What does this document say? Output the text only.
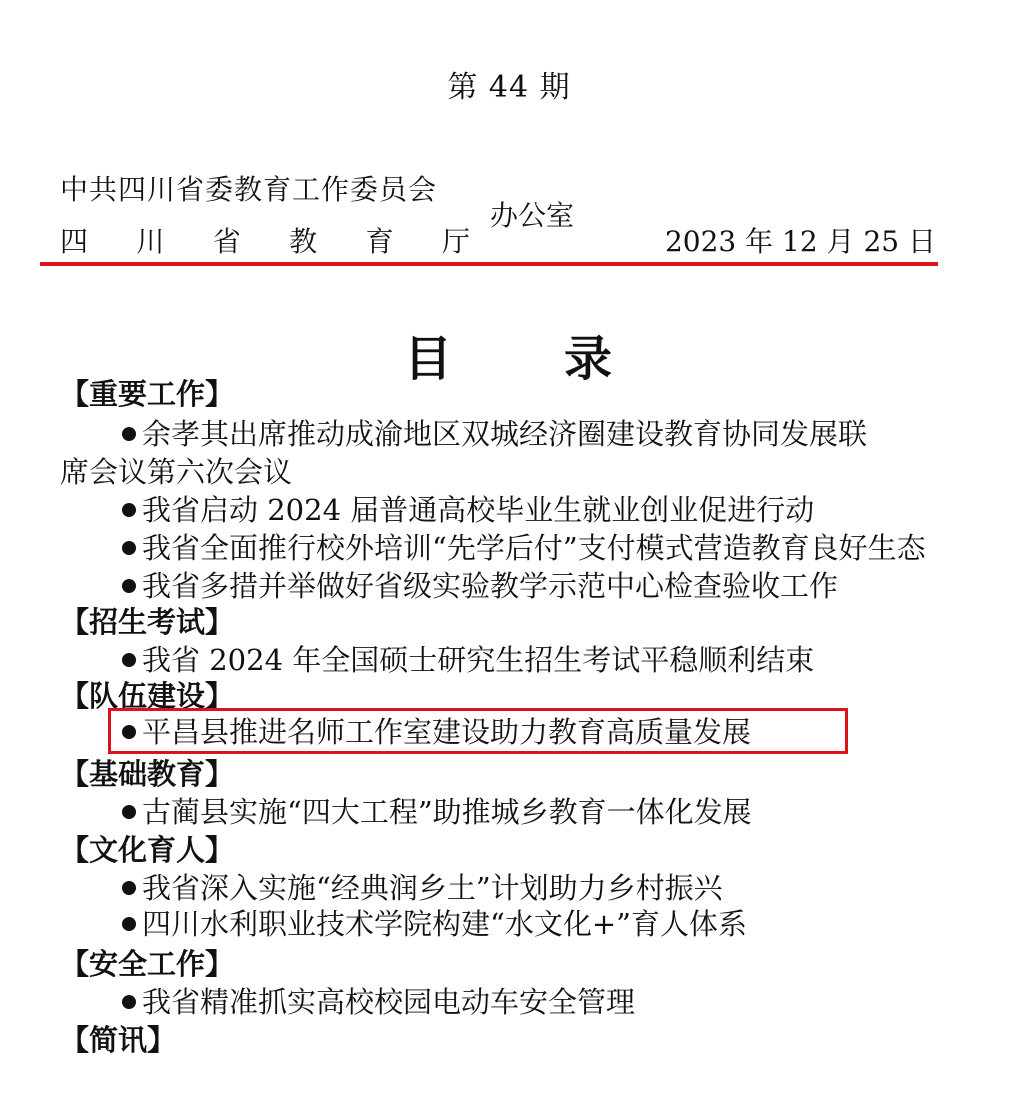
第 44 期
中共四川省委教育工作委员会
四 川 省 教 育 厅
办公室
2023 年 12 月 25 日
目 录
【重要工作】
余孝其出席推动成渝地区双城经济圈建设教育协同发展联
席会议第六次会议
我省启动 2024 届普通高校毕业生就业创业促进行动
我省全面推行校外培训“先学后付”支付模式营造教育良好生态
我省多措并举做好省级实验教学示范中心检查验收工作
【招生考试】
我省 2024 年全国硕士研究生招生考试平稳顺利结束
【队伍建设】
平昌县推进名师工作室建设助力教育高质量发展
【基础教育】
古蔺县实施“四大工程”助推城乡教育一体化发展
【文化育人】
我省深入实施“经典润乡土”计划助力乡村振兴
四川水利职业技术学院构建“水文化+”育人体系
【安全工作】
我省精准抓实高校校园电动车安全管理
【简讯】
